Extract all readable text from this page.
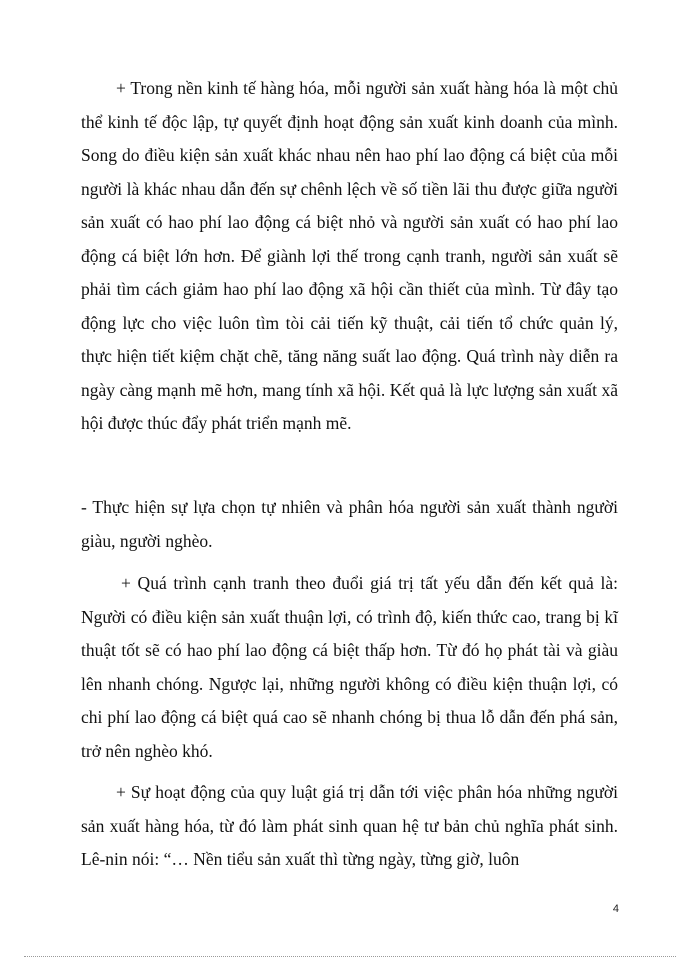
+ Trong nền kinh tế hàng hóa, mỗi người sản xuất hàng hóa là một chủ thể kinh tế độc lập, tự quyết định hoạt động sản xuất kinh doanh của mình. Song do điều kiện sản xuất khác nhau nên hao phí lao động cá biệt của mỗi người là khác nhau dẫn đến sự chênh lệch về số tiền lãi thu được giữa người sản xuất có hao phí lao động cá biệt nhỏ và người sản xuất có hao phí lao động cá biệt lớn hơn. Để giành lợi thế trong cạnh tranh, người sản xuất sẽ phải tìm cách giảm hao phí lao động xã hội cần thiết của mình. Từ đây tạo động lực cho việc luôn tìm tòi cải tiến kỹ thuật, cải tiến tổ chức quản lý, thực hiện tiết kiệm chặt chẽ, tăng năng suất lao động. Quá trình này diễn ra ngày càng mạnh mẽ hơn, mang tính xã hội. Kết quả là lực lượng sản xuất xã hội được thúc đẩy phát triển mạnh mẽ.

- Thực hiện sự lựa chọn tự nhiên và phân hóa người sản xuất thành người giàu, người nghèo.

+ Quá trình cạnh tranh theo đuổi giá trị tất yếu dẫn đến kết quả là: Người có điều kiện sản xuất thuận lợi, có trình độ, kiến thức cao, trang bị kĩ thuật tốt sẽ có hao phí lao động cá biệt thấp hơn. Từ đó họ phát tài và giàu lên nhanh chóng. Ngược lại, những người không có điều kiện thuận lợi, có chi phí lao động cá biệt quá cao sẽ nhanh chóng bị thua lỗ dẫn đến phá sản, trở nên nghèo khó.

+ Sự hoạt động của quy luật giá trị dẫn tới việc phân hóa những người sản xuất hàng hóa, từ đó làm phát sinh quan hệ tư bản chủ nghĩa phát sinh. Lê-nin nói: “… Nền tiểu sản xuất thì từng ngày, từng giờ, luôn

4
